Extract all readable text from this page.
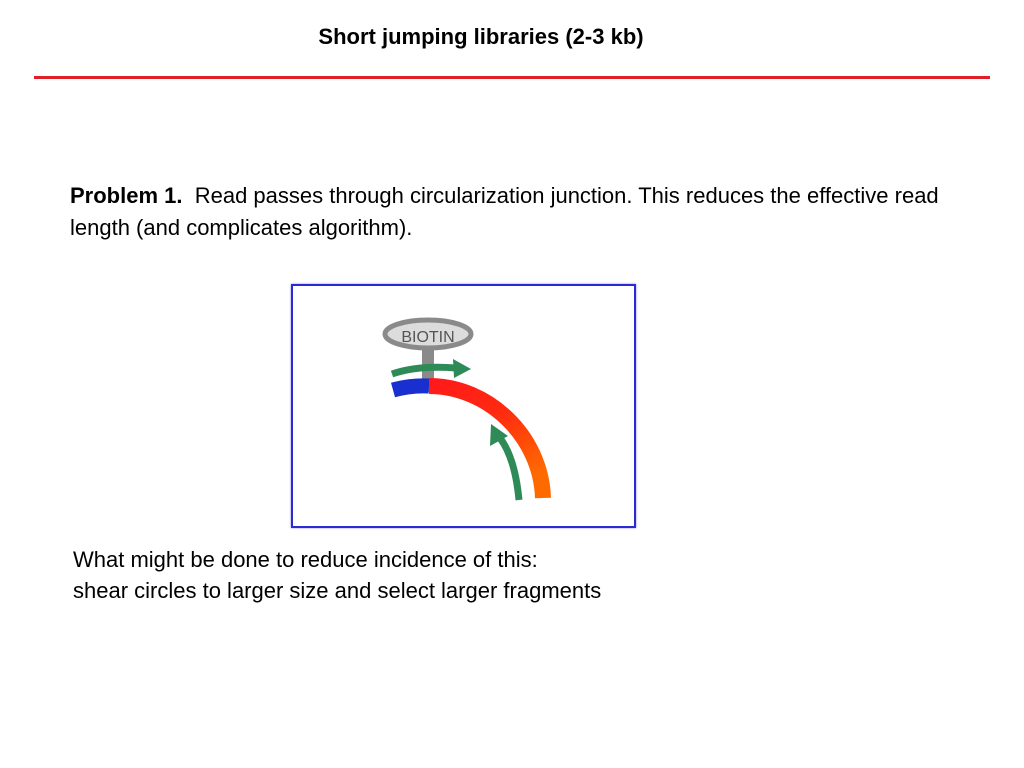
Short jumping libraries (2-3 kb)
Problem 1. Read passes through circularization junction. This reduces the effective read length (and complicates algorithm).
BIOTIN
What might be done to reduce incidence of this:
shear circles to larger size and select larger fragments
